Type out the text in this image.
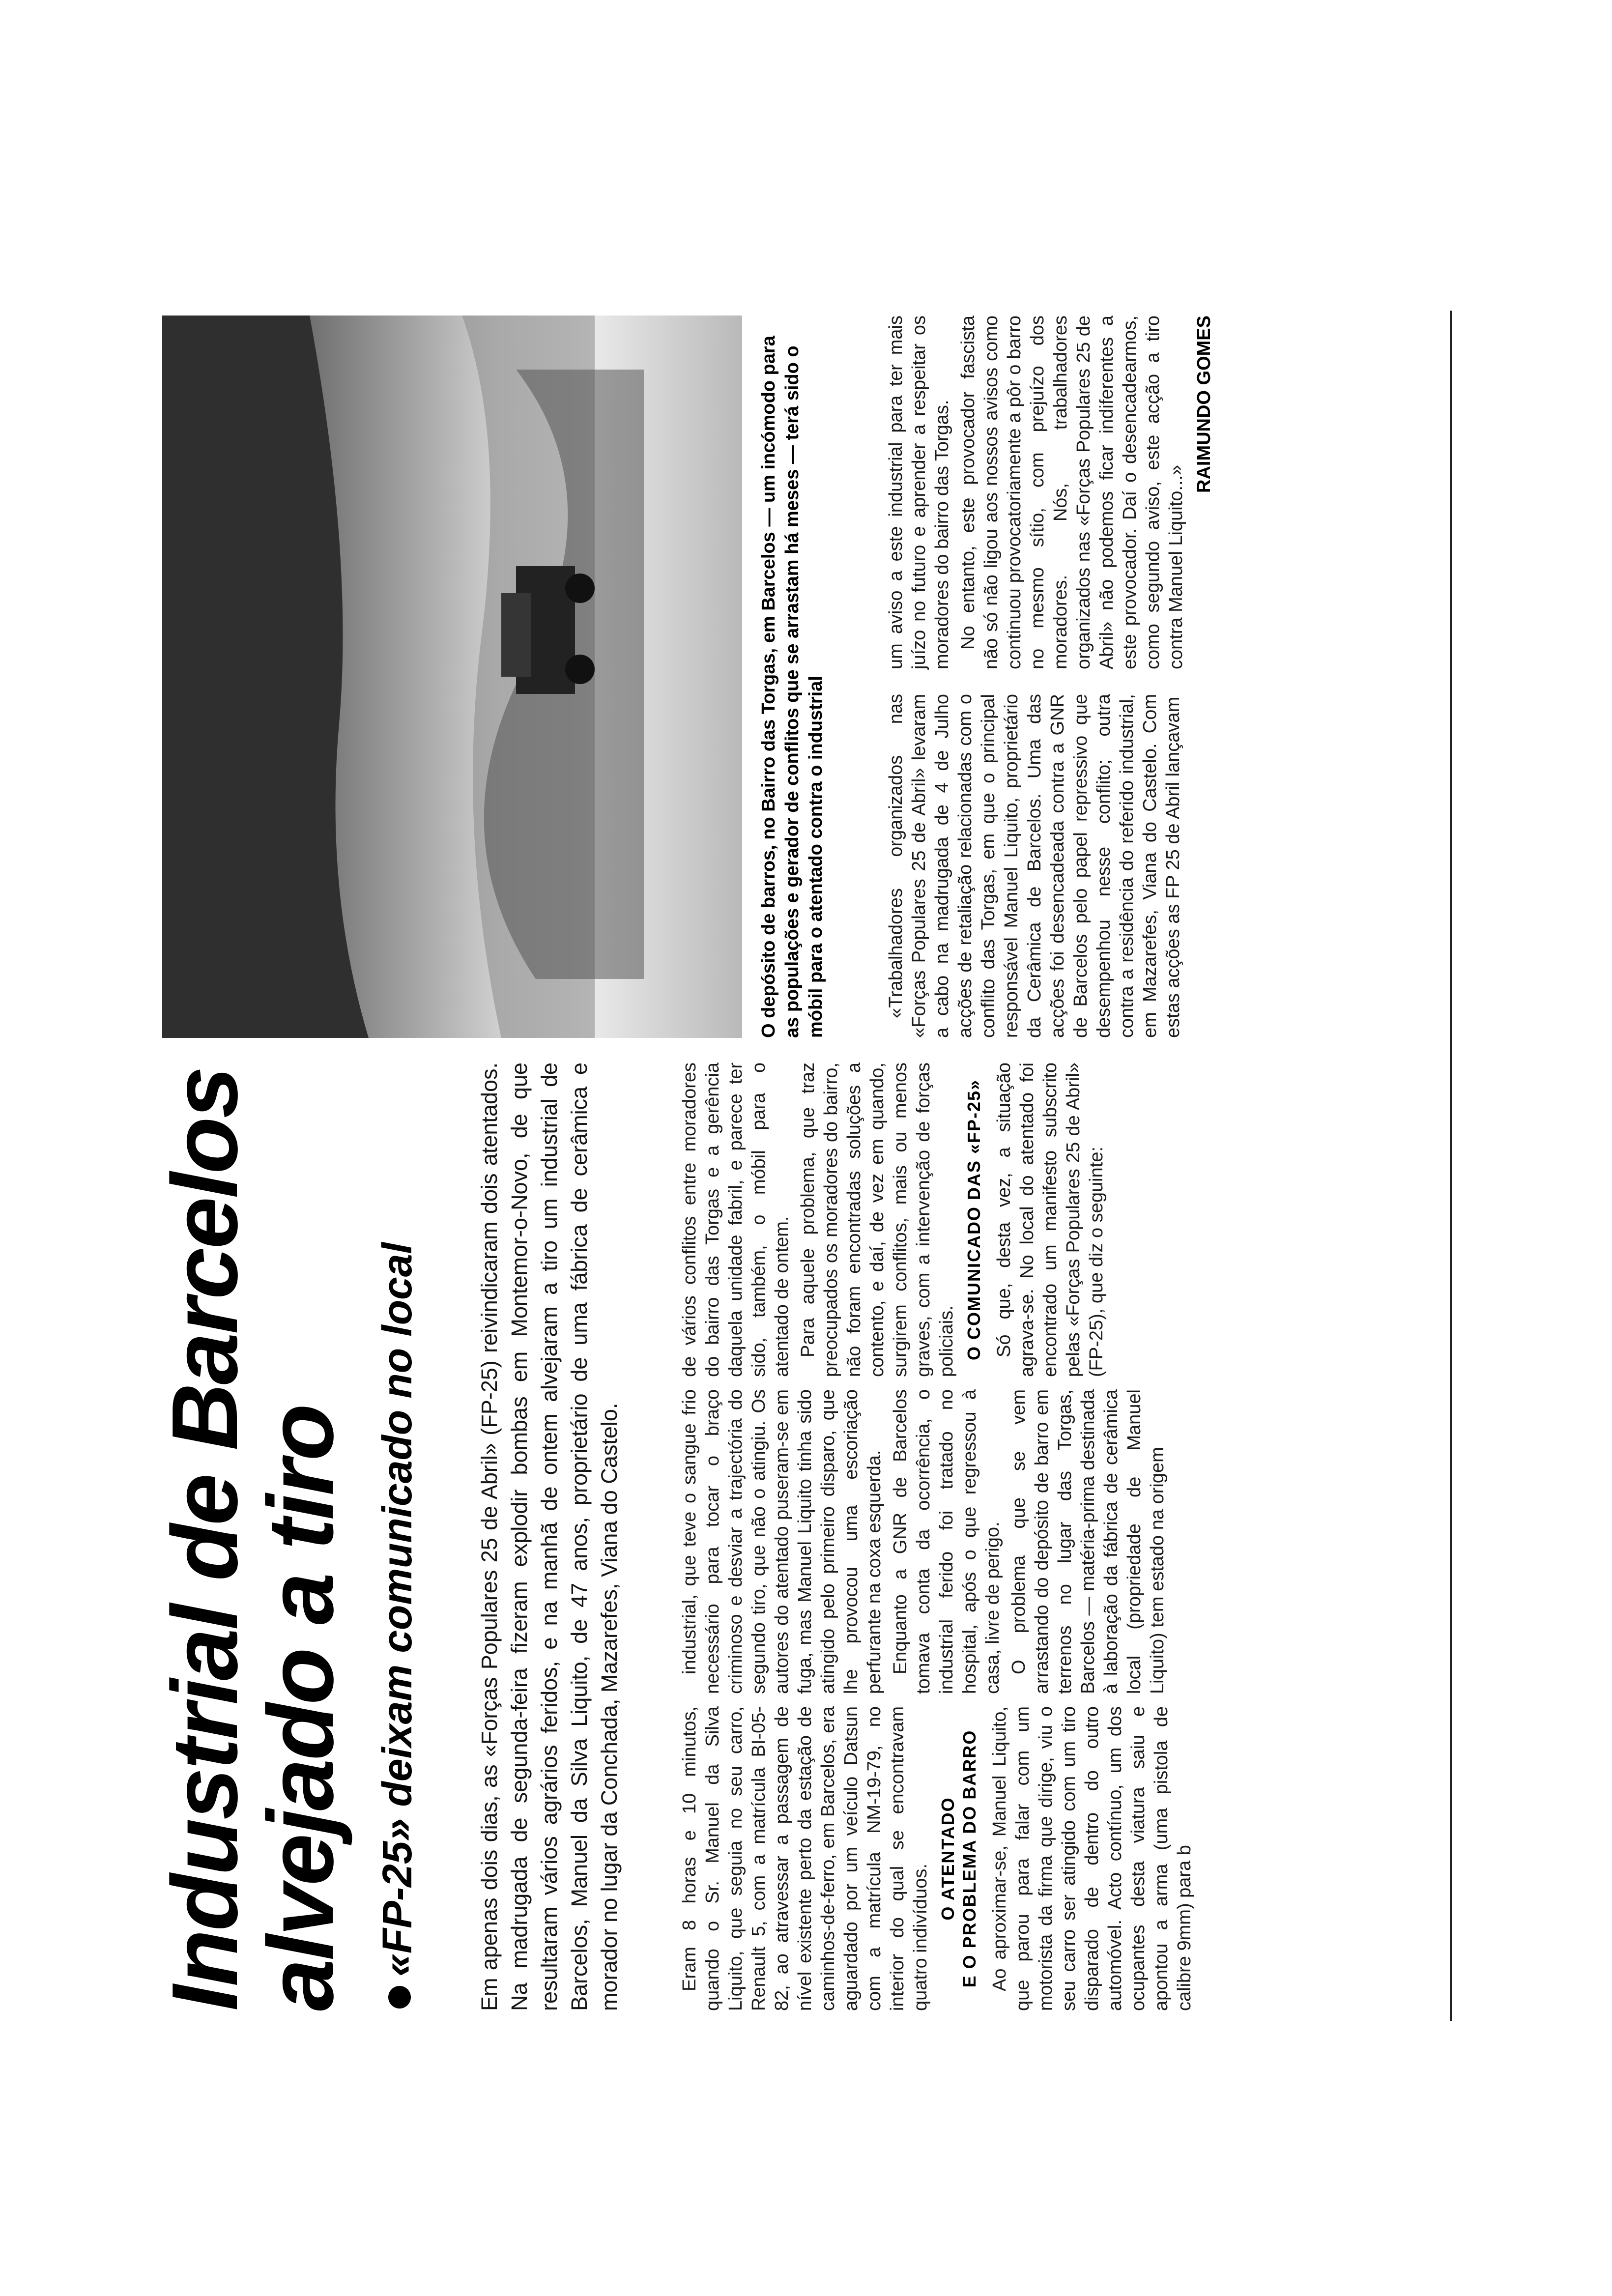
Industrial de Barcelos
alvejado a tiro «FP-25» deixam comunicado no local	Em apenas dois dias, as «Forças Populares 25 de Abril» (FP-25) reivindicaram dois atentados. Na madrugada de segunda-feira fizeram explodir bombas em Montemor-o-Novo, de que resultaram vários agrários feridos, e na manhã de ontem alvejaram a tiro um industrial de Barcelos, Manuel da Silva Liquito, de 47 anos, proprietário de uma fábrica de cerâmica e morador no lugar da Conchada, Mazarefes, Viana do Castelo.	Eram 8 horas e 10 minutos, quando o Sr. Manuel da Silva Liquito, que seguia no seu carro, Renault 5, com a matrícula BI-05-82, ao atravessar a passagem de nível existente perto da estação de caminhos-de-ferro, em Barcelos, era aguardado por um veículo Datsun com a matrícula NM-19-79, no interior do qual se encontravam quatro indivíduos.

O ATENTADO E O PROBLEMA DO BARRO Ao aproximar-se, Manuel Liquito, que parou para falar com um motorista da firma que dirige, viu o seu carro ser atingido com um tiro disparado de dentro do outro automóvel. Acto contínuo, um dos ocupantes desta viatura saiu e apontou a arma (uma pistola de calibre 9mm) para b

industrial, que teve o sangue frio necessário para tocar o braço criminoso e desviar a trajectória do segundo tiro, que não o atingiu. Os autores do atentado puseram-se em fuga, mas Manuel Liquito tinha sido atingido pelo primeiro disparo, que lhe provocou uma escoriação perfurante na coxa esquerda. Enquanto a GNR de Barcelos tomava conta da ocorrência, o industrial ferido foi tratado no hospital, após o que regressou à casa, livre de perigo. O problema que se vem arrastando do depósito de barro em terrenos no lugar das Torgas, Barcelos — matéria-prima destinada à laboração da fábrica de cerâmica local (propriedade de Manuel Liquito) tem estado na origem

de vários conflitos entre moradores do bairro das Torgas e a gerência daquela unidade fabril, e parece ter sido, também, o móbil para o atentado de ontem. Para aquele problema, que traz preocupados os moradores do bairro, não foram encontradas soluções a contento, e daí, de vez em quando, surgirem conflitos, mais ou menos graves, com a intervenção de forças policiais. O COMUNICADO DAS «FP-25» Só que, desta vez, a situação agrava-se. No local do atentado foi encontrado um manifesto subscrito pelas «Forças Populares 25 de Abril» (FP-25), que diz o seguinte:

O depósito de barros, no Bairro das Torgas, em Barcelos — um incómodo para as populações e gerador de conflitos que se arrastam há meses — terá sido o móbil para o atentado contra o industrial	«Trabalhadores organizados nas «Forças Populares 25 de Abril» levaram a cabo na madrugada de 4 de Julho acções de retaliação relacionadas com o conflito das Torgas, em que o principal responsável Manuel Liquito, proprietário da Cerâmica de Barcelos. Uma das acções foi desencadeada contra a GNR de Barcelos pelo papel repressivo que desempenhou nesse conflito; outra contra a residência do referido industrial, em Mazarefes, Viana do Castelo. Com estas acções as FP 25 de Abril lançavam

um aviso a este industrial para ter mais juízo no futuro e aprender a respeitar os moradores do bairro das Torgas. No entanto, este provocador fascista não só não ligou aos nossos avisos como continuou provocatoriamente a pôr o barro no mesmo sítio, com prejuízo dos moradores. Nós, trabalhadores organizados nas «Forças Populares 25 de Abril» não podemos ficar indiferentes a este provocador. Daí o desencadearmos, como segundo aviso, este acção a tiro contra Manuel Liquito...»

RAIMUNDO GOMES
